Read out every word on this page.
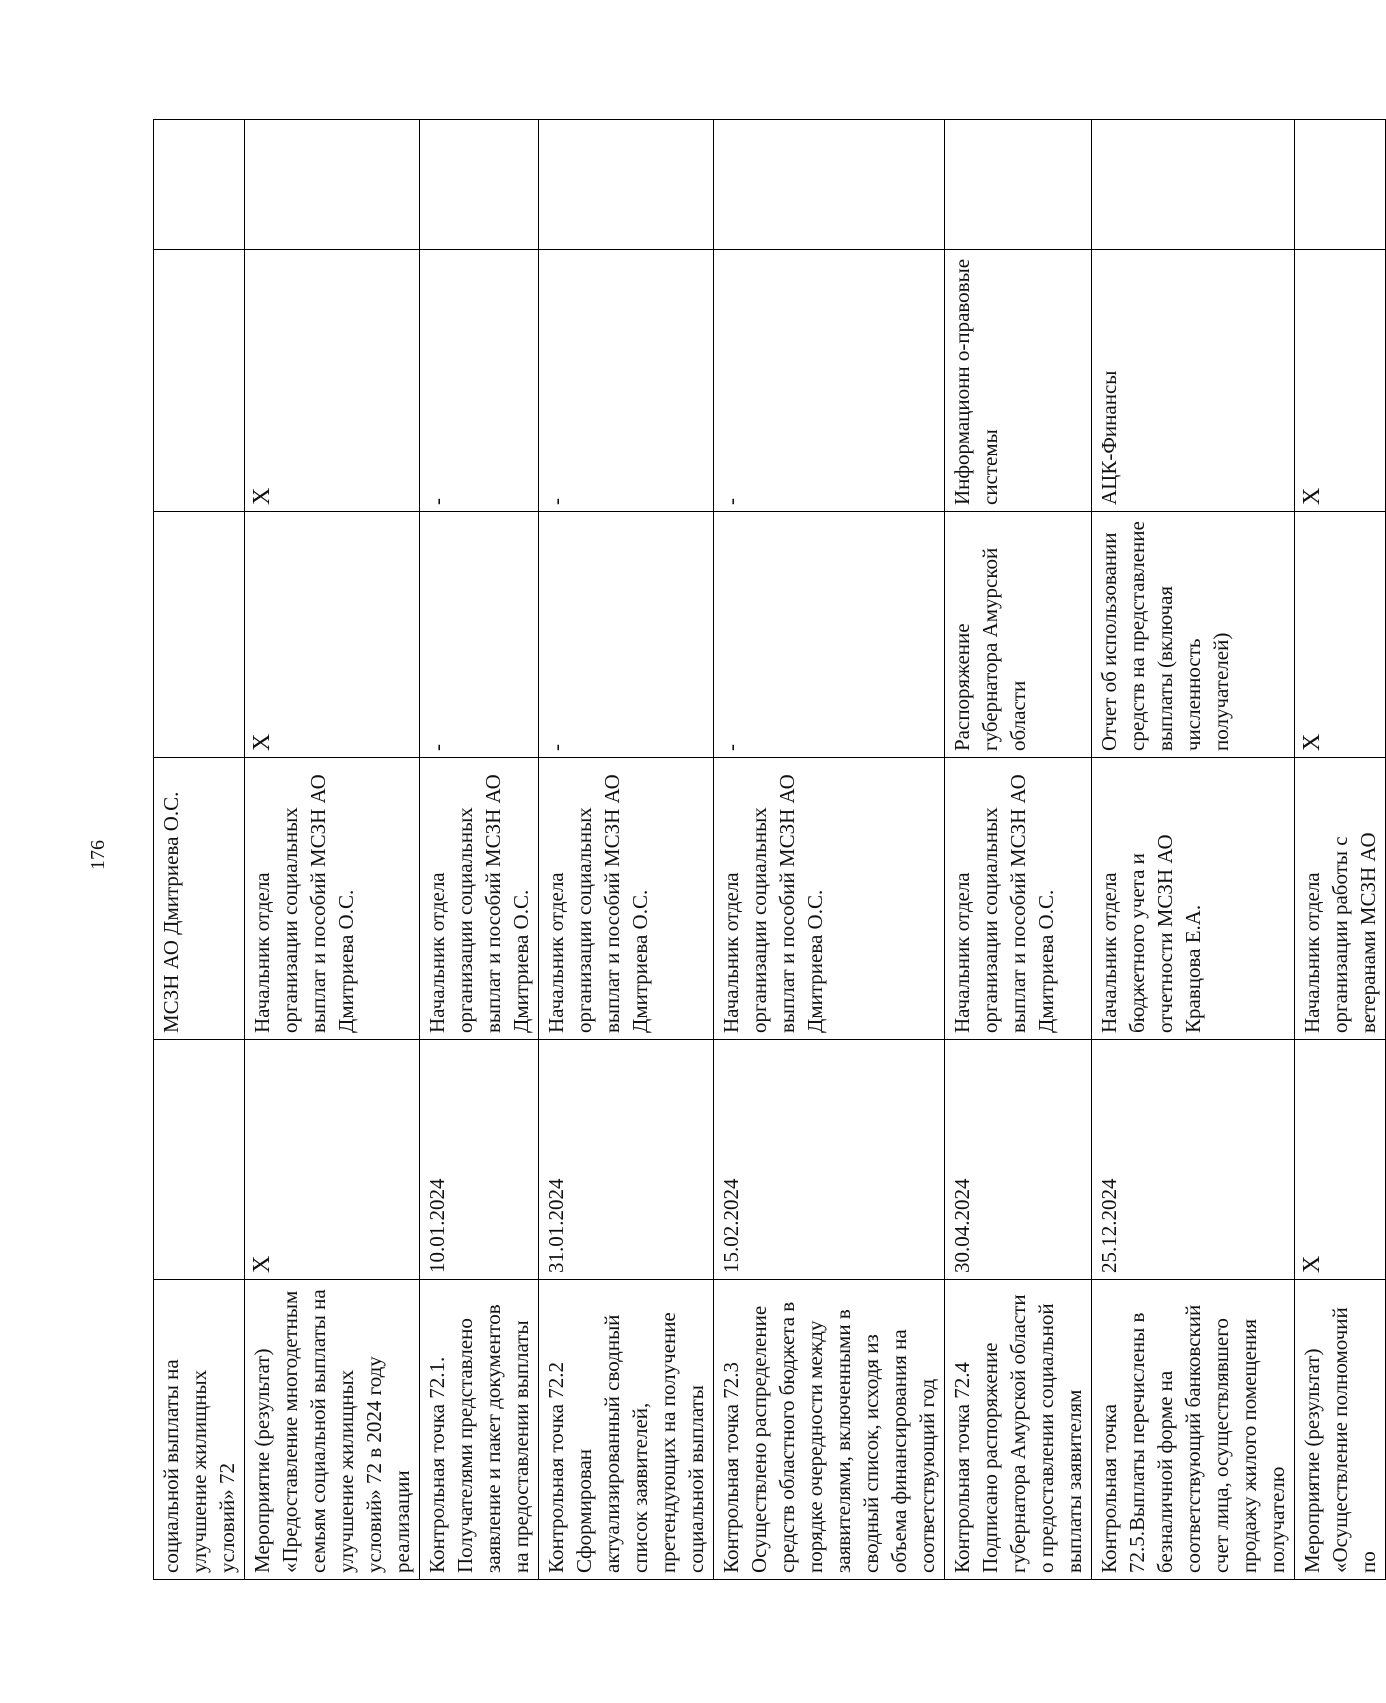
176
социальной выплаты на улучшение жилищных условий» 72		МСЗН АО Дмитриева О.С.			
Мероприятие (результат) «Предоставление многодетным семьям социальной выплаты на улучшение жилищных условий» 72 в 2024 году реализации	X	Начальник отдела организации социальных выплат и пособий МСЗН АО Дмитриева О.С.	X	X	
Контрольная точка 72.1. Получателями представлено заявление и пакет документов на предоставлении выплаты	10.01.2024	Начальник отдела организации социальных выплат и пособий МСЗН АО Дмитриева О.С.	-	-	
Контрольная точка 72.2 Сформирован актуализированный сводный список заявителей, претендующих на получение социальной выплаты	31.01.2024	Начальник отдела организации социальных выплат и пособий МСЗН АО Дмитриева О.С.	-	-	
Контрольная точка 72.3 Осуществлено распределение средств областного бюджета в порядке очередности между заявителями, включенными в сводный список, исходя из объема финансирования на соответствующий год	15.02.2024	Начальник отдела организации социальных выплат и пособий МСЗН АО Дмитриева О.С.	-	-	
Контрольная точка 72.4 Подписано распоряжение губернатора Амурской области о предоставлении социальной выплаты заявителям	30.04.2024	Начальник отдела организации социальных выплат и пособий МСЗН АО Дмитриева О.С.	Распоряжение губернатора Амурской области	Информационн о-правовые системы	
Контрольная точка 72.5.Выплаты перечислены в безналичной форме на соответствующий банковский счет лица, осуществлявшего продажу жилого помещения получателю	25.12.2024	Начальник отдела бюджетного учета и отчетности МСЗН АО Кравцова Е.А.	Отчет об использовании средств на представление выплаты (включая численность получателей)	АЦК-Финансы	
Мероприятие (результат) «Осуществление полномочий по	X	Начальник отдела организации работы с ветеранами МСЗН АО	X	X	
